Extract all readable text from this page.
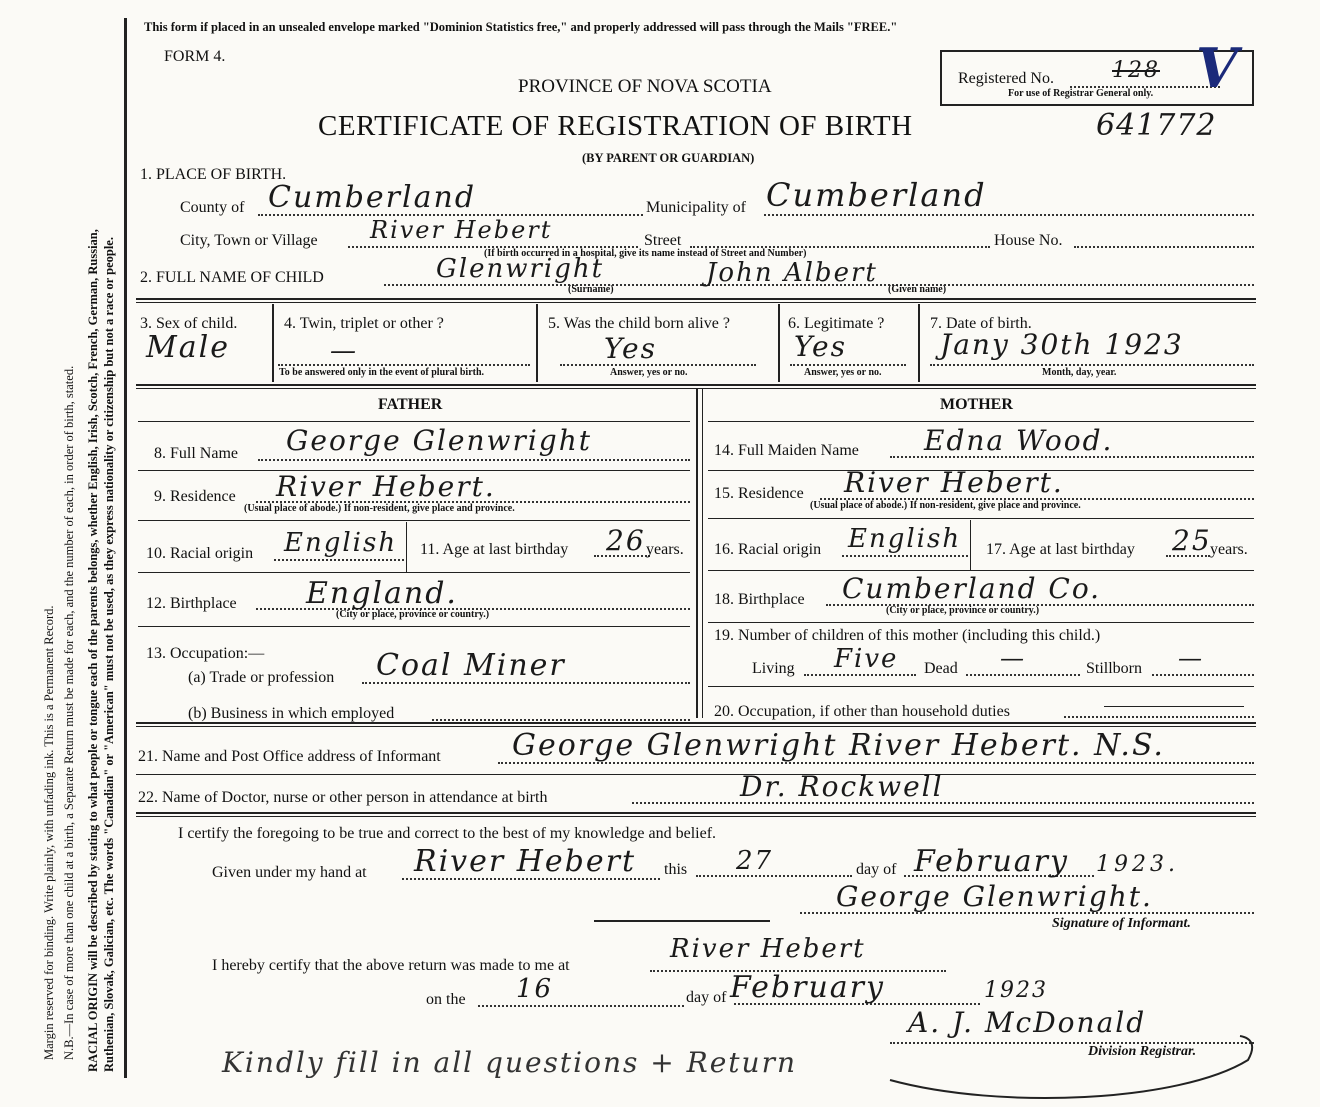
Margin reserved for binding. Write plainly, with unfading ink. This is a Permanent Record. N.B.—In case of more than one child at a birth, a Separate Return must be made for each, and the number of each, in order of birth, stated. RACIAL ORIGIN will be described by stating to what people or tongue each of the parents belongs, whether English, Irish, Scotch, French, German, Russian, Ruthenian, Slovak, Galician, etc. The words "Canadian" or "American" must not be used, as they express nationality or citizenship but not a race or people.
This form if placed in an unsealed envelope marked "Dominion Statistics free," and properly addressed will pass through the Mails "FREE."
FORM 4.
PROVINCE OF NOVA SCOTIA	Registered No.	128
For use of Registrar General only. V
CERTIFICATE OF REGISTRATION OF BIRTH	641772
(BY PARENT OR GUARDIAN)
1. PLACE OF BIRTH.
County of Cumberland	Municipality of Cumberland
City, Town or Village River Hebert	Street	House No.
(If birth occurred in a hospital, give its name instead of Street and Number)
2. FULL NAME OF CHILD	Glenwright	John Albert
(Surname)	(Given name)
3. Sex of child.
Male
4. Twin, triplet or other ?
—
To be answered only in the event of plural birth.
5. Was the child born alive ?
Yes
Answer, yes or no.
6. Legitimate ?
Yes
Answer, yes or no.
7. Date of birth.
Jany 30th 1923
Month, day, year.
FATHER	MOTHER
8. Full Name George Glenwright
9. Residence River Hebert.
(Usual place of abode.) If non-resident, give place and province.
10. Racial origin English 11. Age at last birthday 26 years.
12. Birthplace England.
(City or place, province or country.)
13. Occupation:—
(a) Trade or profession Coal Miner
(b) Business in which employed
14. Full Maiden Name Edna Wood.
15. Residence River Hebert.
(Usual place of abode.) If non-resident, give place and province.
16. Racial origin English 17. Age at last birthday 25
years.
18. Birthplace Cumberland Co.
(City or place, province or country.)
19. Number of children of this mother (including this child.)
Living Five Dead —	Stillborn —
20. Occupation, if other than household duties
21. Name and Post Office address of Informant George Glenwright River Hebert. N.S.
22. Name of Doctor, nurse or other person in attendance at birth	Dr. Rockwell
I certify the foregoing to be true and correct to the best of my knowledge and belief.
Given under my hand at River Hebert this 27	day of February 1923.
George Glenwright.
Signature of Informant.
I hereby certify that the above return was made to me at
River Hebert
on the 16	day of February	1923
A. J. McDonald
Division Registrar.
Kindly fill in all questions + Return
